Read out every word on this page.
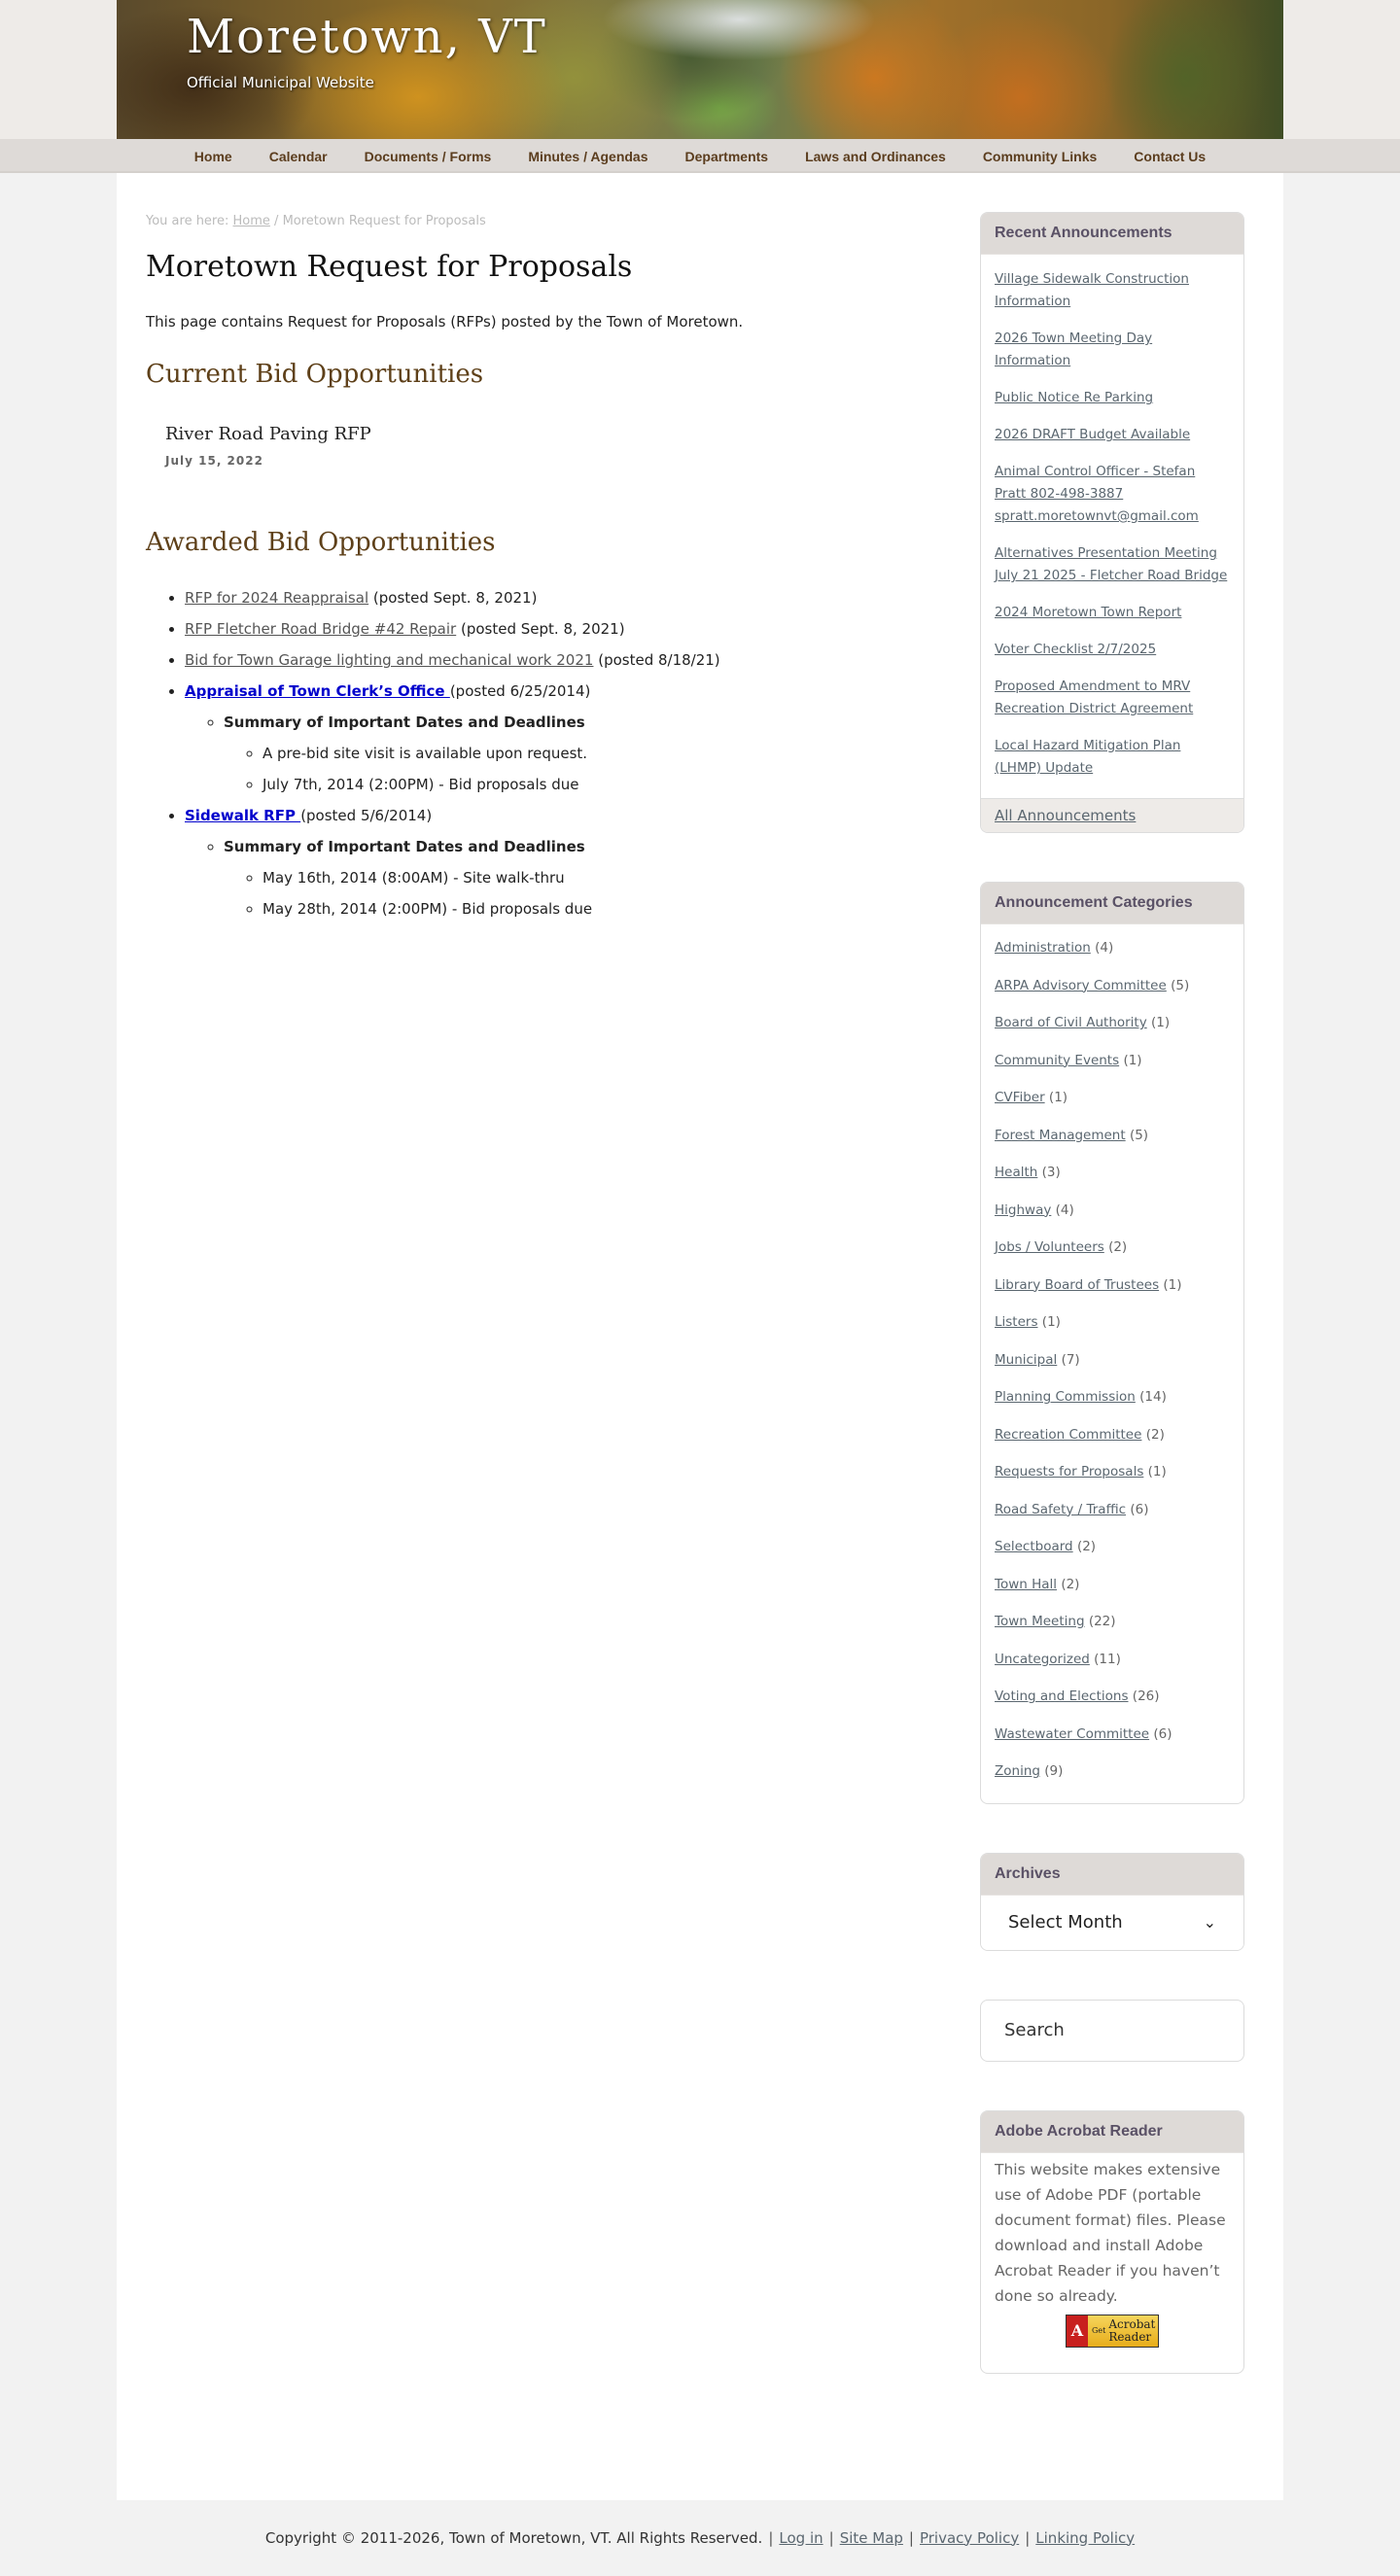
Moretown, VT
Official Municipal Website
Home	Calendar	Documents / Forms	Minutes / Agendas	Departments	Laws and Ordinances	Community Links	Contact Us
You are here: Home / Moretown Request for Proposals
Moretown Request for Proposals

This page contains Request for Proposals (RFPs) posted by the Town of Moretown.

Current Bid Opportunities
River Road Paving RFP
July 15, 2022
Awarded Bid Opportunities
• RFP for 2024 Reappraisal (posted Sept. 8, 2021)
• RFP Fletcher Road Bridge #42 Repair (posted Sept. 8, 2021)
• Bid for Town Garage lighting and mechanical work 2021 (posted 8/18/21)
• Appraisal of Town Clerk’s Office (posted 6/25/2014)
◦ Summary of Important Dates and Deadlines
◦ A pre-bid site visit is available upon request.
◦ July 7th, 2014 (2:00PM) - Bid proposals due
• Sidewalk RFP (posted 5/6/2014)
◦ Summary of Important Dates and Deadlines
◦ May 16th, 2014 (8:00AM) - Site walk-thru
◦ May 28th, 2014 (2:00PM) - Bid proposals due
Recent Announcements
Village Sidewalk Construction Information
2026 Town Meeting Day Information
Public Notice Re Parking
2026 DRAFT Budget Available
Animal Control Officer - Stefan Pratt 802-498-3887 spratt.moretownvt@gmail.com
Alternatives Presentation Meeting July 21 2025 - Fletcher Road Bridge
2024 Moretown Town Report
Voter Checklist 2/7/2025
Proposed Amendment to MRV Recreation District Agreement
Local Hazard Mitigation Plan (LHMP) Update
All Announcements
Announcement Categories
Administration (4)
ARPA Advisory Committee (5)
Board of Civil Authority (1)
Community Events (1)
CVFiber (1)
Forest Management (5)
Health (3)
Highway (4)
Jobs / Volunteers (2)
Library Board of Trustees (1)
Listers (1)
Municipal (7)
Planning Commission (14)
Recreation Committee (2)
Requests for Proposals (1)
Road Safety / Traffic (6)
Selectboard (2)
Town Hall (2)
Town Meeting (22)
Uncategorized (11)
Voting and Elections (26)
Wastewater Committee (6)
Zoning (9)
Archives
Select Month	⌄
Search
Adobe Acrobat Reader

This website makes extensive use of Adobe PDF (portable document format) files. Please download and install Adobe Acrobat Reader if you haven’t done so already.

A	Get Acrobat
Reader
Copyright © 2011-2026, Town of Moretown, VT. All Rights Reserved. | Log in | Site Map | Privacy Policy | Linking Policy
